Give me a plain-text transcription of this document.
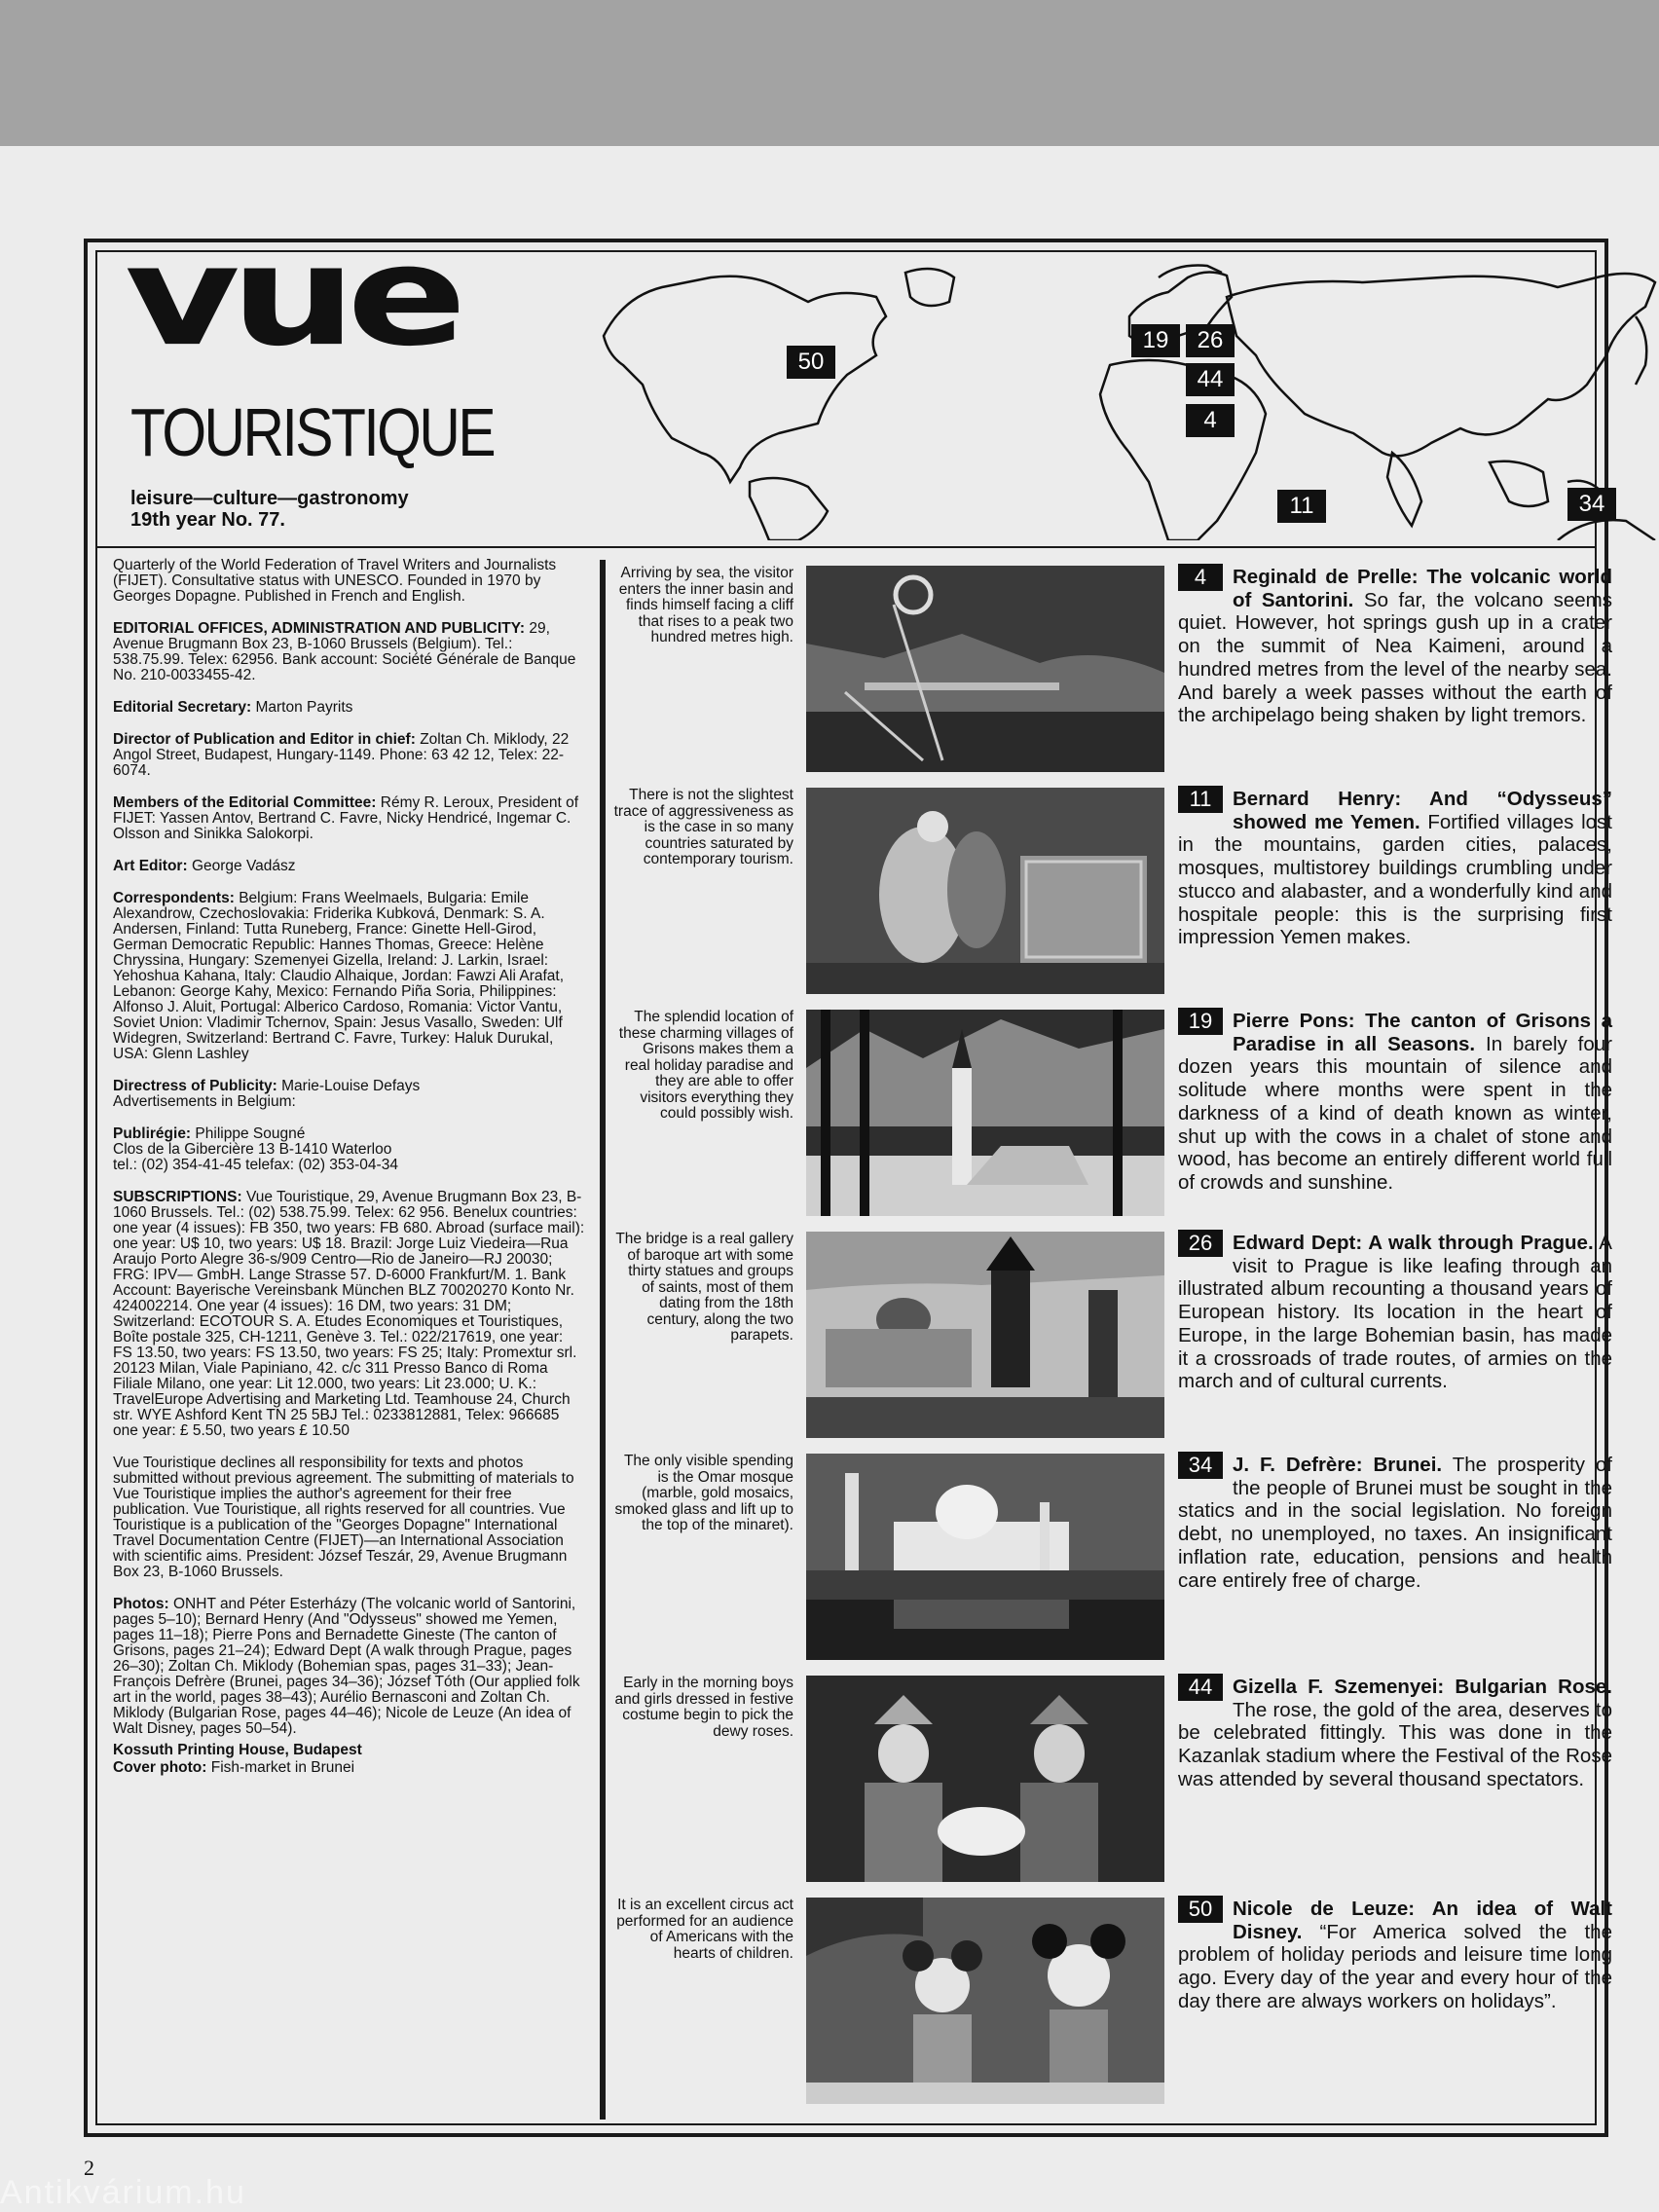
vue
TOURISTIQUE
leisure—culture—gastronomy
19th year No. 77.
50
19	26
44
4
11	34

Quarterly of the World Federation of Travel Writers and Journalists (FIJET). Consultative status with UNESCO. Founded in 1970 by Georges Dopagne. Published in French and English.

EDITORIAL OFFICES, ADMINISTRATION AND PUBLICITY: 29, Avenue Brugmann Box 23, B-1060 Brussels (Belgium). Tel.: 538.75.99. Telex: 62956. Bank account: Société Générale de Banque No. 210-0033455-42.

Editorial Secretary: Marton Payrits

Director of Publication and Editor in chief: Zoltan Ch. Miklody, 22 Angol Street, Budapest, Hungary-1149. Phone: 63 42 12, Telex: 22-6074.

Members of the Editorial Committee: Rémy R. Leroux, President of FIJET: Yassen Antov, Bertrand C. Favre, Nicky Hendricé, Ingemar C. Olsson and Sinikka Salokorpi.

Art Editor: George Vadász

Correspondents: Belgium: Frans Weelmaels, Bulgaria: Emile Alexandrow, Czechoslovakia: Friderika Kubková, Denmark: S. A. Andersen, Finland: Tutta Runeberg, France: Ginette Hell-Girod, German Democratic Republic: Hannes Thomas, Greece: Helène Chryssina, Hungary: Szemenyei Gizella, Ireland: J. Larkin, Israel: Yehoshua Kahana, Italy: Claudio Alhaique, Jordan: Fawzi Ali Arafat, Lebanon: George Kahy, Mexico: Fernando Piña Soria, Philippines: Alfonso J. Aluit, Portugal: Alberico Cardoso, Romania: Victor Vantu, Soviet Union: Vladimir Tchernov, Spain: Jesus Vasallo, Sweden: Ulf Widegren, Switzerland: Bertrand C. Favre, Turkey: Haluk Durukal, USA: Glenn Lashley

Directress of Publicity: Marie-Louise Defays
Advertisements in Belgium:

Publirégie: Philippe Sougné
Clos de la Gibercière 13 B-1410 Waterloo
tel.: (02) 354-41-45 telefax: (02) 353-04-34

SUBSCRIPTIONS: Vue Touristique, 29, Avenue Brugmann Box 23, B-1060 Brussels. Tel.: (02) 538.75.99. Telex: 62 956. Benelux countries: one year (4 issues): FB 350, two years: FB 680. Abroad (surface mail): one year: U$ 10, two years: U$ 18. Brazil: Jorge Luiz Viedeira—Rua Araujo Porto Alegre 36-s/909 Centro—Rio de Janeiro—RJ 20030; FRG: IPV— GmbH. Lange Strasse 57. D-6000 Frankfurt/M. 1. Bank Account: Bayerische Vereinsbank München BLZ 70020270 Konto Nr. 424002214. One year (4 issues): 16 DM, two years: 31 DM; Switzerland: ECOTOUR S. A. Etudes Economiques et Touristiques, Boîte postale 325, CH-1211, Genève 3. Tel.: 022/217619, one year: FS 13.50, two years: FS 13.50, two years: FS 25; Italy: Promextur srl. 20123 Milan, Viale Papiniano, 42. c/c 311 Presso Banco di Roma Filiale Milano, one year: Lit 12.000, two years: Lit 23.000; U. K.: TravelEurope Advertising and Marketing Ltd. Teamhouse 24, Church str. WYE Ashford Kent TN 25 5BJ Tel.: 0233812881, Telex: 966685 one year: £ 5.50, two years £ 10.50

Vue Touristique declines all responsibility for texts and photos submitted without previous agreement. The submitting of materials to Vue Touristique implies the author's agreement for their free publication. Vue Touristique, all rights reserved for all countries. Vue Touristique is a publication of the "Georges Dopagne" International Travel Documentation Centre (FIJET)—an International Association with scientific aims. President: József Teszár, 29, Avenue Brugmann Box 23, B-1060 Brussels.

Photos: ONHT and Péter Esterházy (The volcanic world of Santorini, pages 5–10); Bernard Henry (And "Odysseus" showed me Yemen, pages 11–18); Pierre Pons and Bernadette Gineste (The canton of Grisons, pages 21–24); Edward Dept (A walk through Prague, pages 26–30); Zoltan Ch. Miklody (Bohemian spas, pages 31–33); Jean-François Defrère (Brunei, pages 34–36); József Tóth (Our applied folk art in the world, pages 38–43); Aurélio Bernasconi and Zoltan Ch. Miklody (Bulgarian Rose, pages 44–46); Nicole de Leuze (An idea of Walt Disney, pages 50–54).

Kossuth Printing House, Budapest

Cover photo: Fish-market in Brunei

Arriving by sea, the visitor enters the inner basin and finds himself facing a cliff that rises to a peak two hundred metres high.
4	Reginald de Prelle: The volcanic world of Santorini. So far, the volcano seems quiet. However, hot springs gush up in a crater on the summit of Nea Kaimeni, around a hundred metres from the level of the nearby sea. And barely a week passes without the earth of the archipelago being shaken by light tremors.
There is not the slightest trace of aggressiveness as is the case in so many countries saturated by contemporary tourism.
11	Bernard Henry: And “Odysseus” showed me Yemen. Fortified villages lost in the mountains, garden cities, palaces, mosques, multistorey buildings crumbling under stucco and alabaster, and a wonderfully kind and hospitale people: this is the surprising first impression Yemen makes.
The splendid location of these charming villages of Grisons makes them a real holiday paradise and they are able to offer visitors everything they could possibly wish.
19	Pierre Pons: The canton of Grisons a Paradise in all Seasons. In barely four dozen years this mountain of silence and solitude where months were spent in the darkness of a kind of death known as winter, shut up with the cows in a chalet of stone and wood, has become an entirely different world full of crowds and sunshine.
The bridge is a real gallery of baroque art with some thirty statues and groups of saints, most of them dating from the 18th century, along the two parapets.
26	Edward Dept: A walk through Prague. A visit to Prague is like leafing through an illustrated album recounting a thousand years of European history. Its location in the heart of Europe, in the large Bohemian basin, has made it a crossroads of trade routes, of armies on the march and of cultural currents.
The only visible spending is the Omar mosque (marble, gold mosaics, smoked glass and lift up to the top of the minaret).
34	J. F. Defrère: Brunei. The prosperity of the people of Brunei must be sought in the statics and in the social legislation. No foreign debt, no unemployed, no taxes. An insignificant inflation rate, education, pensions and health care entirely free of charge.
Early in the morning boys and girls dressed in festive costume begin to pick the dewy roses.
44	Gizella F. Szemenyei: Bulgarian Rose. The rose, the gold of the area, deserves to be celebrated fittingly. This was done in the Kazanlak stadium where the Festival of the Rose was attended by several thousand spectators.
It is an excellent circus act performed for an audience of Americans with the hearts of children.
50	Nicole de Leuze: An idea of Walt Disney. “For America solved the the problem of holiday periods and leisure time long ago. Every day of the year and every hour of the day there are always workers on holidays”.
2
Antikvárium.hu
